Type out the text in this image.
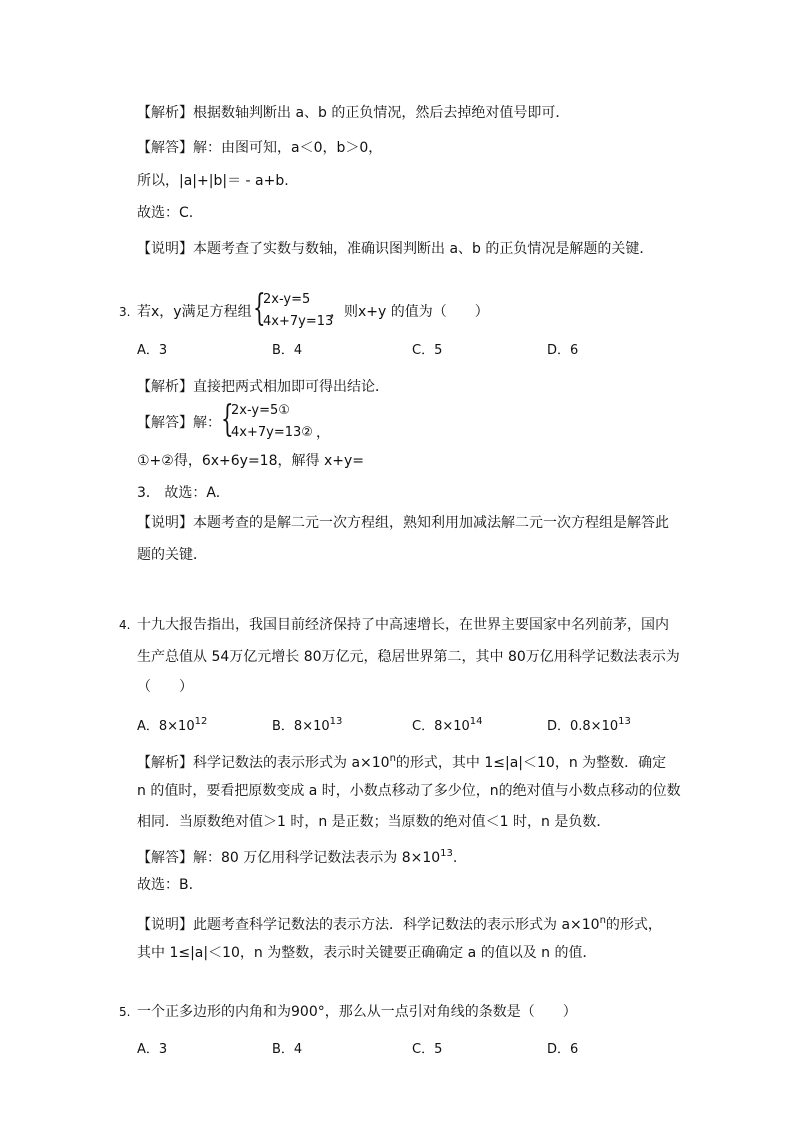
【解析】根据数轴判断出 a、b 的正负情况，然后去掉绝对值号即可．
【解答】解：由图可知，a＜0，b＞0，
所以，|a|+|b|＝ - a+b.
故选：C.
【说明】本题考查了实数与数轴，准确识图判断出 a、b 的正负情况是解题的关键．
3. 若x，y满足方程组 {
2x-y=5
4x+7y=13
，则x+y 的值为（　　）
A．3	B．4	C．5	D．6
【解析】直接把两式相加即可得出结论．
【解答】解： {
2x-y=5①
4x+7y=13② ，
①+②得，6x+6y=18，解得 x+y=
3． 故选：A.
【说明】本题考查的是解二元一次方程组，熟知利用加减法解二元一次方程组是解答此
题的关键．
4. 十九大报告指出，我国目前经济保持了中高速增长，在世界主要国家中名列前茅，国内
生产总值从 54万亿元增长 80万亿元，稳居世界第二，其中 80万亿用科学记数法表示为
（　　）
A．$8\times 10^{12}$	B．$8\times 10^{13}$	C．$8\times 10^{14}$	D．$0.8\times 10^{13}$
【解析】科学记数法的表示形式为 $a\times 10^n$的形式，其中 1≤|a|＜10，n 为整数．确定
n 的值时，要看把原数变成 a 时，小数点移动了多少位，n的绝对值与小数点移动的位数
相同．当原数绝对值＞1 时，n 是正数；当原数的绝对值＜1 时，n 是负数．
【解答】解：80 万亿用科学记数法表示为 $8\times 10^{13}$.
故选：B.
【说明】此题考查科学记数法的表示方法．科学记数法的表示形式为 $a\times 10^n$的形式，
其中 1≤|a|＜10，n 为整数，表示时关键要正确确定 a 的值以及 n 的值．
5. 一个正多边形的内角和为900°，那么从一点引对角线的条数是（　　）
A．3	B．4	C．5	D．6
